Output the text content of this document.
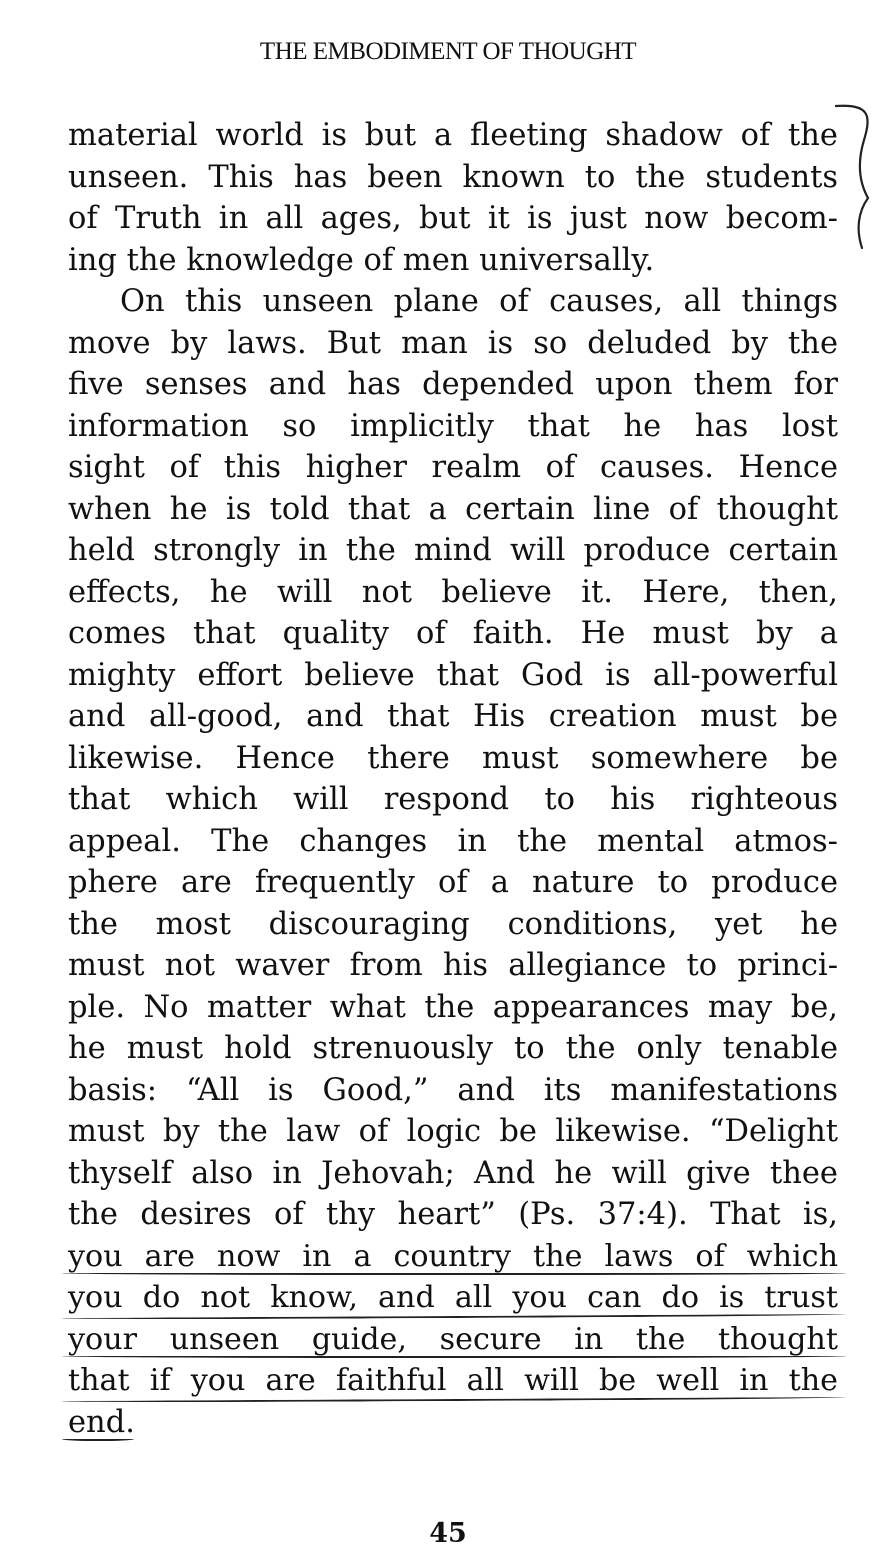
THE EMBODIMENT OF THOUGHT
material world is but a fleeting shadow of the
unseen. This has been known to the students
of Truth in all ages, but it is just now becom-
ing the knowledge of men universally.
On this unseen plane of causes, all things
move by laws. But man is so deluded by the
five senses and has depended upon them for
information so implicitly that he has lost
sight of this higher realm of causes. Hence
when he is told that a certain line of thought
held strongly in the mind will produce certain
effects, he will not believe it. Here, then,
comes that quality of faith. He must by a
mighty effort believe that God is all-powerful
and all-good, and that His creation must be
likewise. Hence there must somewhere be
that which will respond to his righteous
appeal. The changes in the mental atmos-
phere are frequently of a nature to produce
the most discouraging conditions, yet he
must not waver from his allegiance to princi-
ple. No matter what the appearances may be,
he must hold strenuously to the only tenable
basis: “All is Good,” and its manifestations
must by the law of logic be likewise. “Delight
thyself also in Jehovah; And he will give thee
the desires of thy heart” (Ps. 37:4). That is,
you are now in a country the laws of which
you do not know, and all you can do is trust
your unseen guide, secure in the thought
that if you are faithful all will be well in the
end.
45
